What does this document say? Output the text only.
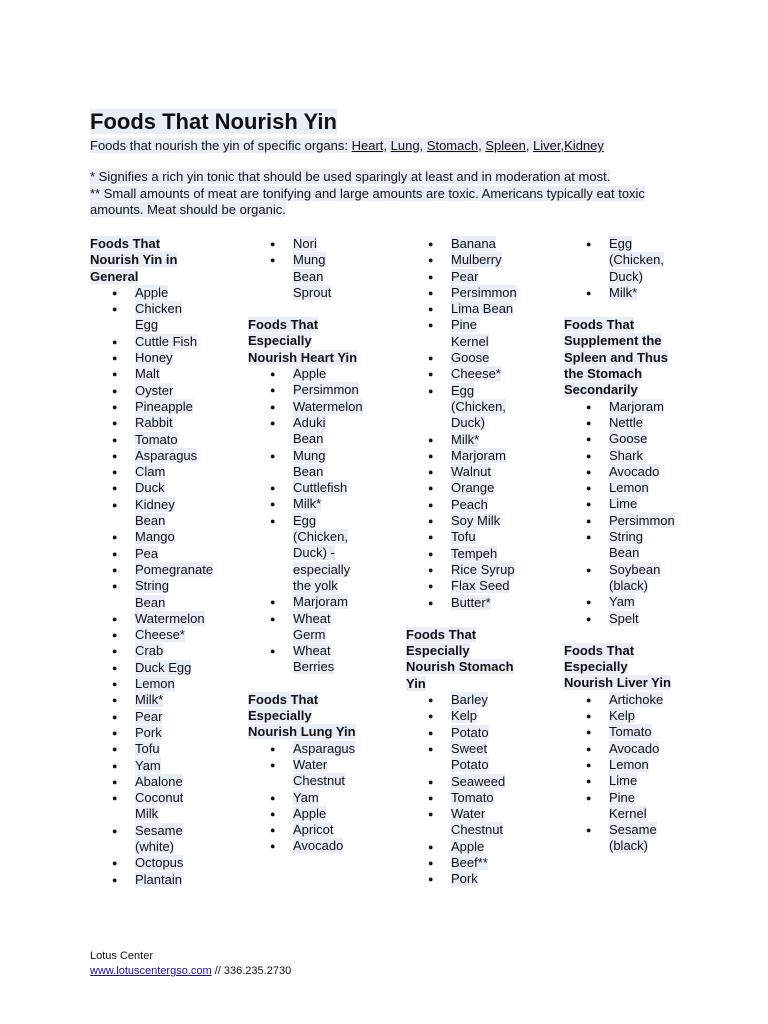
Foods That Nourish Yin
Foods that nourish the yin of specific organs: Heart, Lung, Stomach, Spleen, Liver,Kidney
* Signifies a rich yin tonic that should be used sparingly at least and in moderation at most.
** Small amounts of meat are tonifying and large amounts are toxic. Americans typically eat toxic amounts. Meat should be organic.
Foods That Nourish Yin in General
● Apple
● Chicken Egg
● Cuttle Fish
● Honey
● Malt
● Oyster
● Pineapple
● Rabbit
● Tomato
● Asparagus
● Clam
● Duck
● Kidney Bean
● Mango
● Pea
● Pomegranate
● String Bean
● Watermelon
● Cheese*
● Crab
● Duck Egg
● Lemon
● Milk*
● Pear
● Pork
● Tofu
● Yam
● Abalone
● Coconut Milk
● Sesame (white)
● Octopus
● Plantain
● Nori
● Mung Bean Sprout
Foods That Especially Nourish Heart Yin
● Apple
● Persimmon
● Watermelon
● Aduki Bean
● Mung Bean
● Cuttlefish
● Milk*
● Egg (Chicken, Duck) - especially the yolk
● Marjoram
● Wheat Germ
● Wheat Berries
Foods That Especially Nourish Lung Yin
● Asparagus
● Water Chestnut
● Yam
● Apple
● Apricot
● Avocado
● Banana
● Mulberry
● Pear
● Persimmon
● Lima Bean
● Pine Kernel
● Goose
● Cheese*
● Egg (Chicken, Duck)
● Milk*
● Marjoram
● Walnut
● Orange
● Peach
● Soy Milk
● Tofu
● Tempeh
● Rice Syrup
● Flax Seed
● Butter*
Foods That Especially Nourish Stomach Yin
● Barley
● Kelp
● Potato
● Sweet Potato
● Seaweed
● Tomato
● Water Chestnut
● Apple
● Beef**
● Pork
● Egg (Chicken, Duck)
● Milk*
Foods That Supplement the Spleen and Thus the Stomach Secondarily
● Marjoram
● Nettle
● Goose
● Shark
● Avocado
● Lemon
● Lime
● Persimmon
● String Bean
● Soybean (black)
● Yam
● Spelt
Foods That Especially Nourish Liver Yin
● Artichoke
● Kelp
● Tomato
● Avocado
● Lemon
● Lime
● Pine Kernel
● Sesame (black)
Lotus Center
www.lotuscentergso.com // 336.235.2730
